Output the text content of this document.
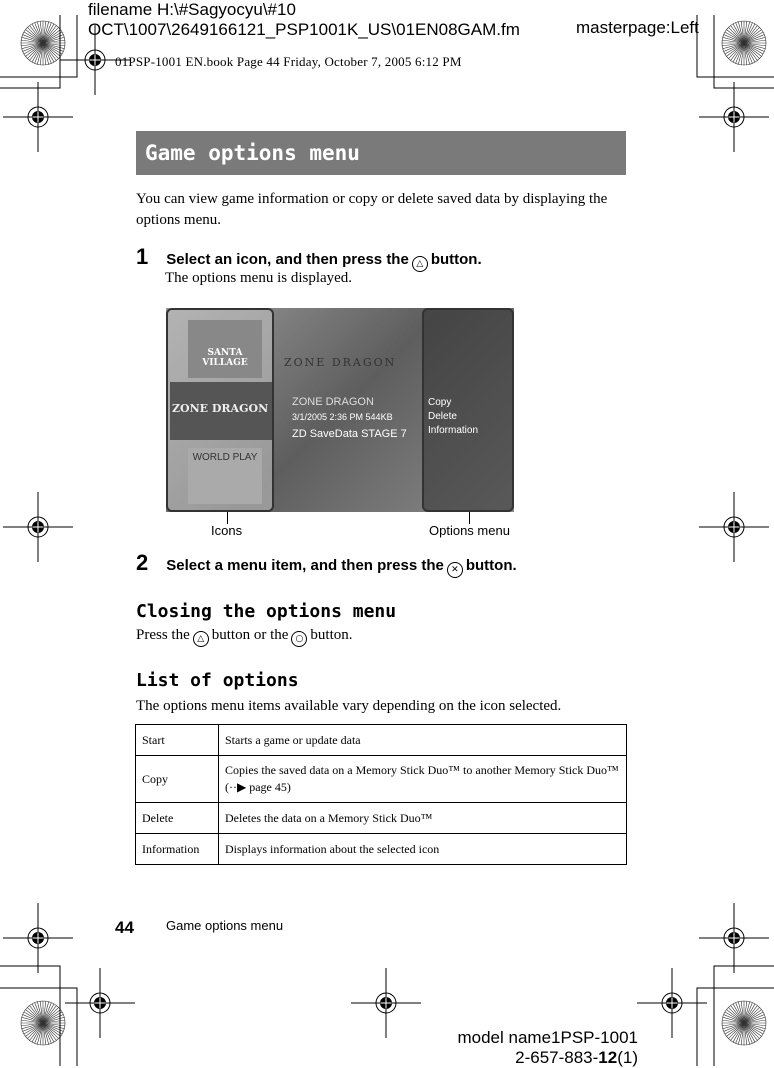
filename H:\#Sagyocyu\#10
OCT\1007\2649166121_PSP1001K_US\01EN08GAM.fm	masterpage:Left
01PSP-1001 EN.book Page 44 Friday, October 7, 2005 6:12 PM
Game options menu
You can view game information or copy or delete saved data by displaying the options menu.
1 Select an icon, and then press the △ button.
The options menu is displayed.
ZONE DRAGON
SANTA VILLAGE
ZONE DRAGON
WORLD PLAY
ZONE DRAGON
3/1/2005 2:36 PM 544KB
ZD SaveData STAGE 7
Copy
Delete
Information
Icons	Options menu
2 Select a menu item, and then press the ✕ button.
Closing the options menu
Press the △ button or the ○ button.
List of options
The options menu items available vary depending on the icon selected.
Start	Starts a game or update data
Copy	Copies the saved data on a Memory Stick Duo™ to another Memory Stick Duo™ (··▶ page 45)
Delete	Deletes the data on a Memory Stick Duo™
Information	Displays information about the selected icon
44 Game options menu
model name1PSP-1001
2-657-883-12(1)
